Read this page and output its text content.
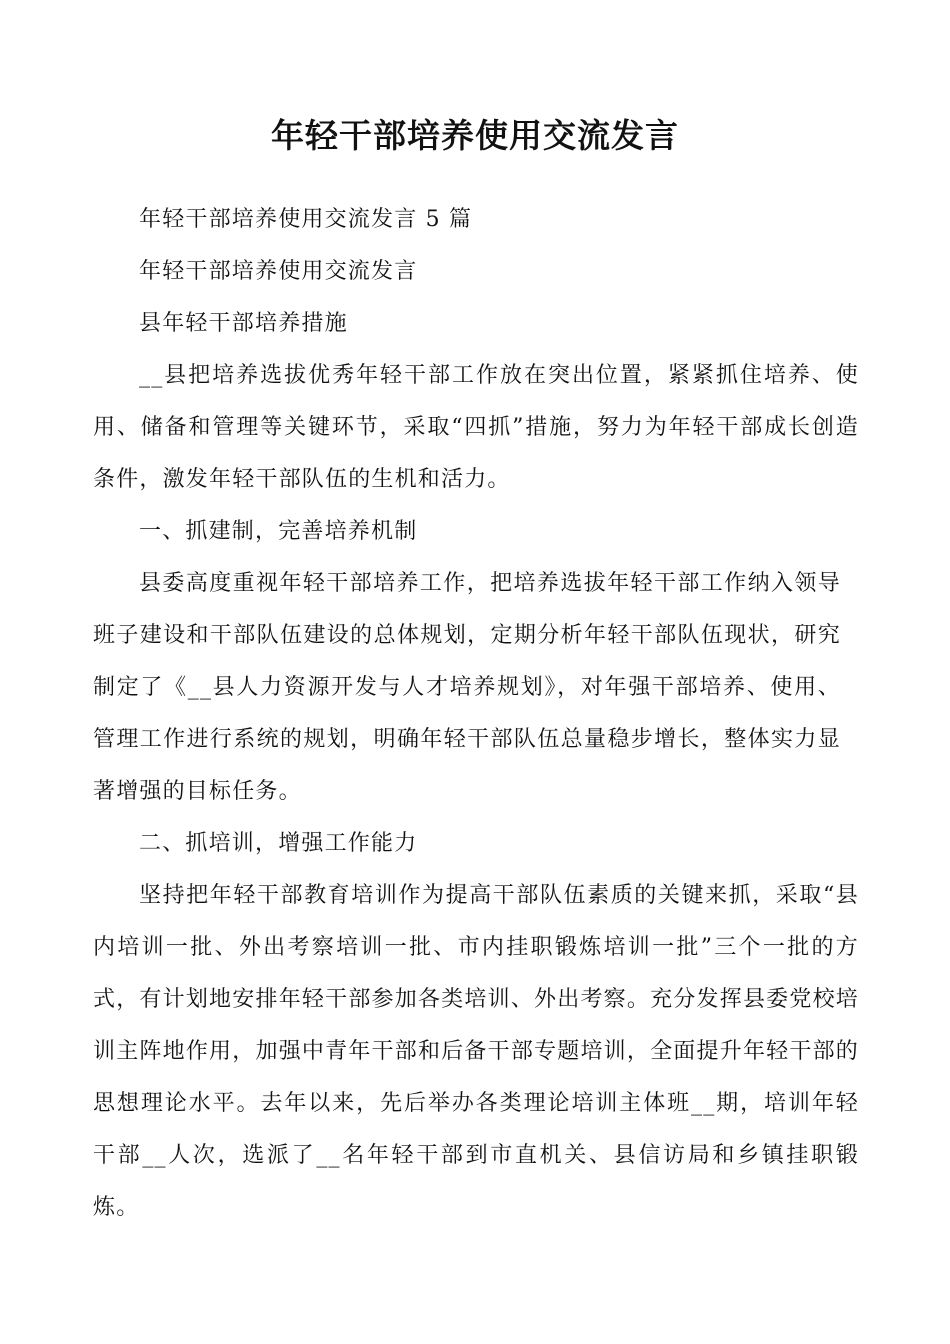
年轻干部培养使用交流发言

年轻干部培养使用交流发言 5 篇

年轻干部培养使用交流发言

县年轻干部培养措施

__县把培养选拔优秀年轻干部工作放在突出位置，紧紧抓住培养、使用、储备和管理等关键环节，采取“四抓”措施，努力为年轻干部成长创造条件，激发年轻干部队伍的生机和活力。

一、抓建制，完善培养机制

县委高度重视年轻干部培养工作，把培养选拔年轻干部工作纳入领导班子建设和干部队伍建设的总体规划，定期分析年轻干部队伍现状，研究制定了《__县人力资源开发与人才培养规划》，对年强干部培养、使用、管理工作进行系统的规划，明确年轻干部队伍总量稳步增长，整体实力显著增强的目标任务。

二、抓培训，增强工作能力

坚持把年轻干部教育培训作为提高干部队伍素质的关键来抓，采取“县内培训一批、外出考察培训一批、市内挂职锻炼培训一批”三个一批的方式，有计划地安排年轻干部参加各类培训、外出考察。充分发挥县委党校培训主阵地作用，加强中青年干部和后备干部专题培训，全面提升年轻干部的思想理论水平。去年以来，先后举办各类理论培训主体班__期，培训年轻干部__人次，选派了__名年轻干部到市直机关、县信访局和乡镇挂职锻炼。
